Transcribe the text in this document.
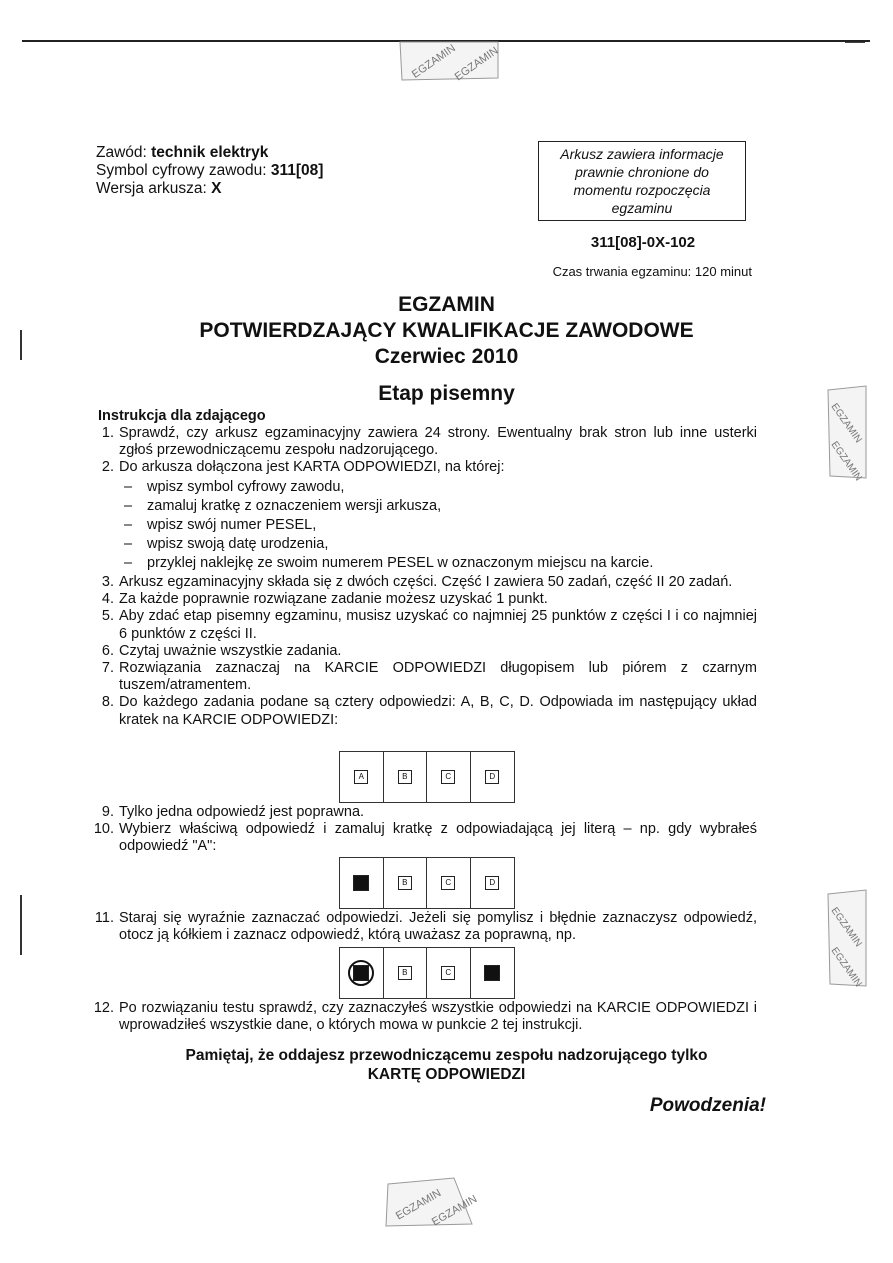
EGZAMIN
EGZAMIN
EGZAMIN
EGZAMIN
EGZAMIN
EGZAMIN
EGZAMIN
EGZAMIN
Zawód: technik elektryk
Symbol cyfrowy zawodu: 311[08]
Wersja arkusza: X
Arkusz zawiera informacje prawnie chronione do momentu rozpoczęcia egzaminu
311[08]-0X-102
Czas trwania egzaminu: 120 minut
EGZAMIN
POTWIERDZAJĄCY KWALIFIKACJE ZAWODOWE
Czerwiec 2010
Etap pisemny
Instrukcja dla zdającego
1. Sprawdź, czy arkusz egzaminacyjny zawiera 24 strony. Ewentualny brak stron lub inne usterki zgłoś przewodniczącemu zespołu nadzorującego.
2. Do arkusza dołączona jest KARTA ODPOWIEDZI, na której:
– wpisz symbol cyfrowy zawodu,
– zamaluj kratkę z oznaczeniem wersji arkusza,
– wpisz swój numer PESEL,
– wpisz swoją datę urodzenia,
– przyklej naklejkę ze swoim numerem PESEL w oznaczonym miejscu na karcie.
3. Arkusz egzaminacyjny składa się z dwóch części. Część I zawiera 50 zadań, część II 20 zadań.
4. Za każde poprawnie rozwiązane zadanie możesz uzyskać 1 punkt.
5. Aby zdać etap pisemny egzaminu, musisz uzyskać co najmniej 25 punktów z części I i co najmniej 6 punktów z części II.
6. Czytaj uważnie wszystkie zadania.
7. Rozwiązania zaznaczaj na KARCIE ODPOWIEDZI długopisem lub piórem z czarnym tuszem/atramentem.
8. Do każdego zadania podane są cztery odpowiedzi: A, B, C, D. Odpowiada im następujący układ kratek na KARCIE ODPOWIEDZI:
A	B	C	D
9. Tylko jedna odpowiedź jest poprawna.
10. Wybierz właściwą odpowiedź i zamaluj kratkę z odpowiadającą jej literą – np. gdy wybrałeś odpowiedź "A":
B	C	D
11. Staraj się wyraźnie zaznaczać odpowiedzi. Jeżeli się pomylisz i błędnie zaznaczysz odpowiedź, otocz ją kółkiem i zaznacz odpowiedź, którą uważasz za poprawną, np.
B	C
12. Po rozwiązaniu testu sprawdź, czy zaznaczyłeś wszystkie odpowiedzi na KARCIE ODPOWIEDZI i wprowadziłeś wszystkie dane, o których mowa w punkcie 2 tej instrukcji.
Pamiętaj, że oddajesz przewodniczącemu zespołu nadzorującego tylko
KARTĘ ODPOWIEDZI
Powodzenia!
